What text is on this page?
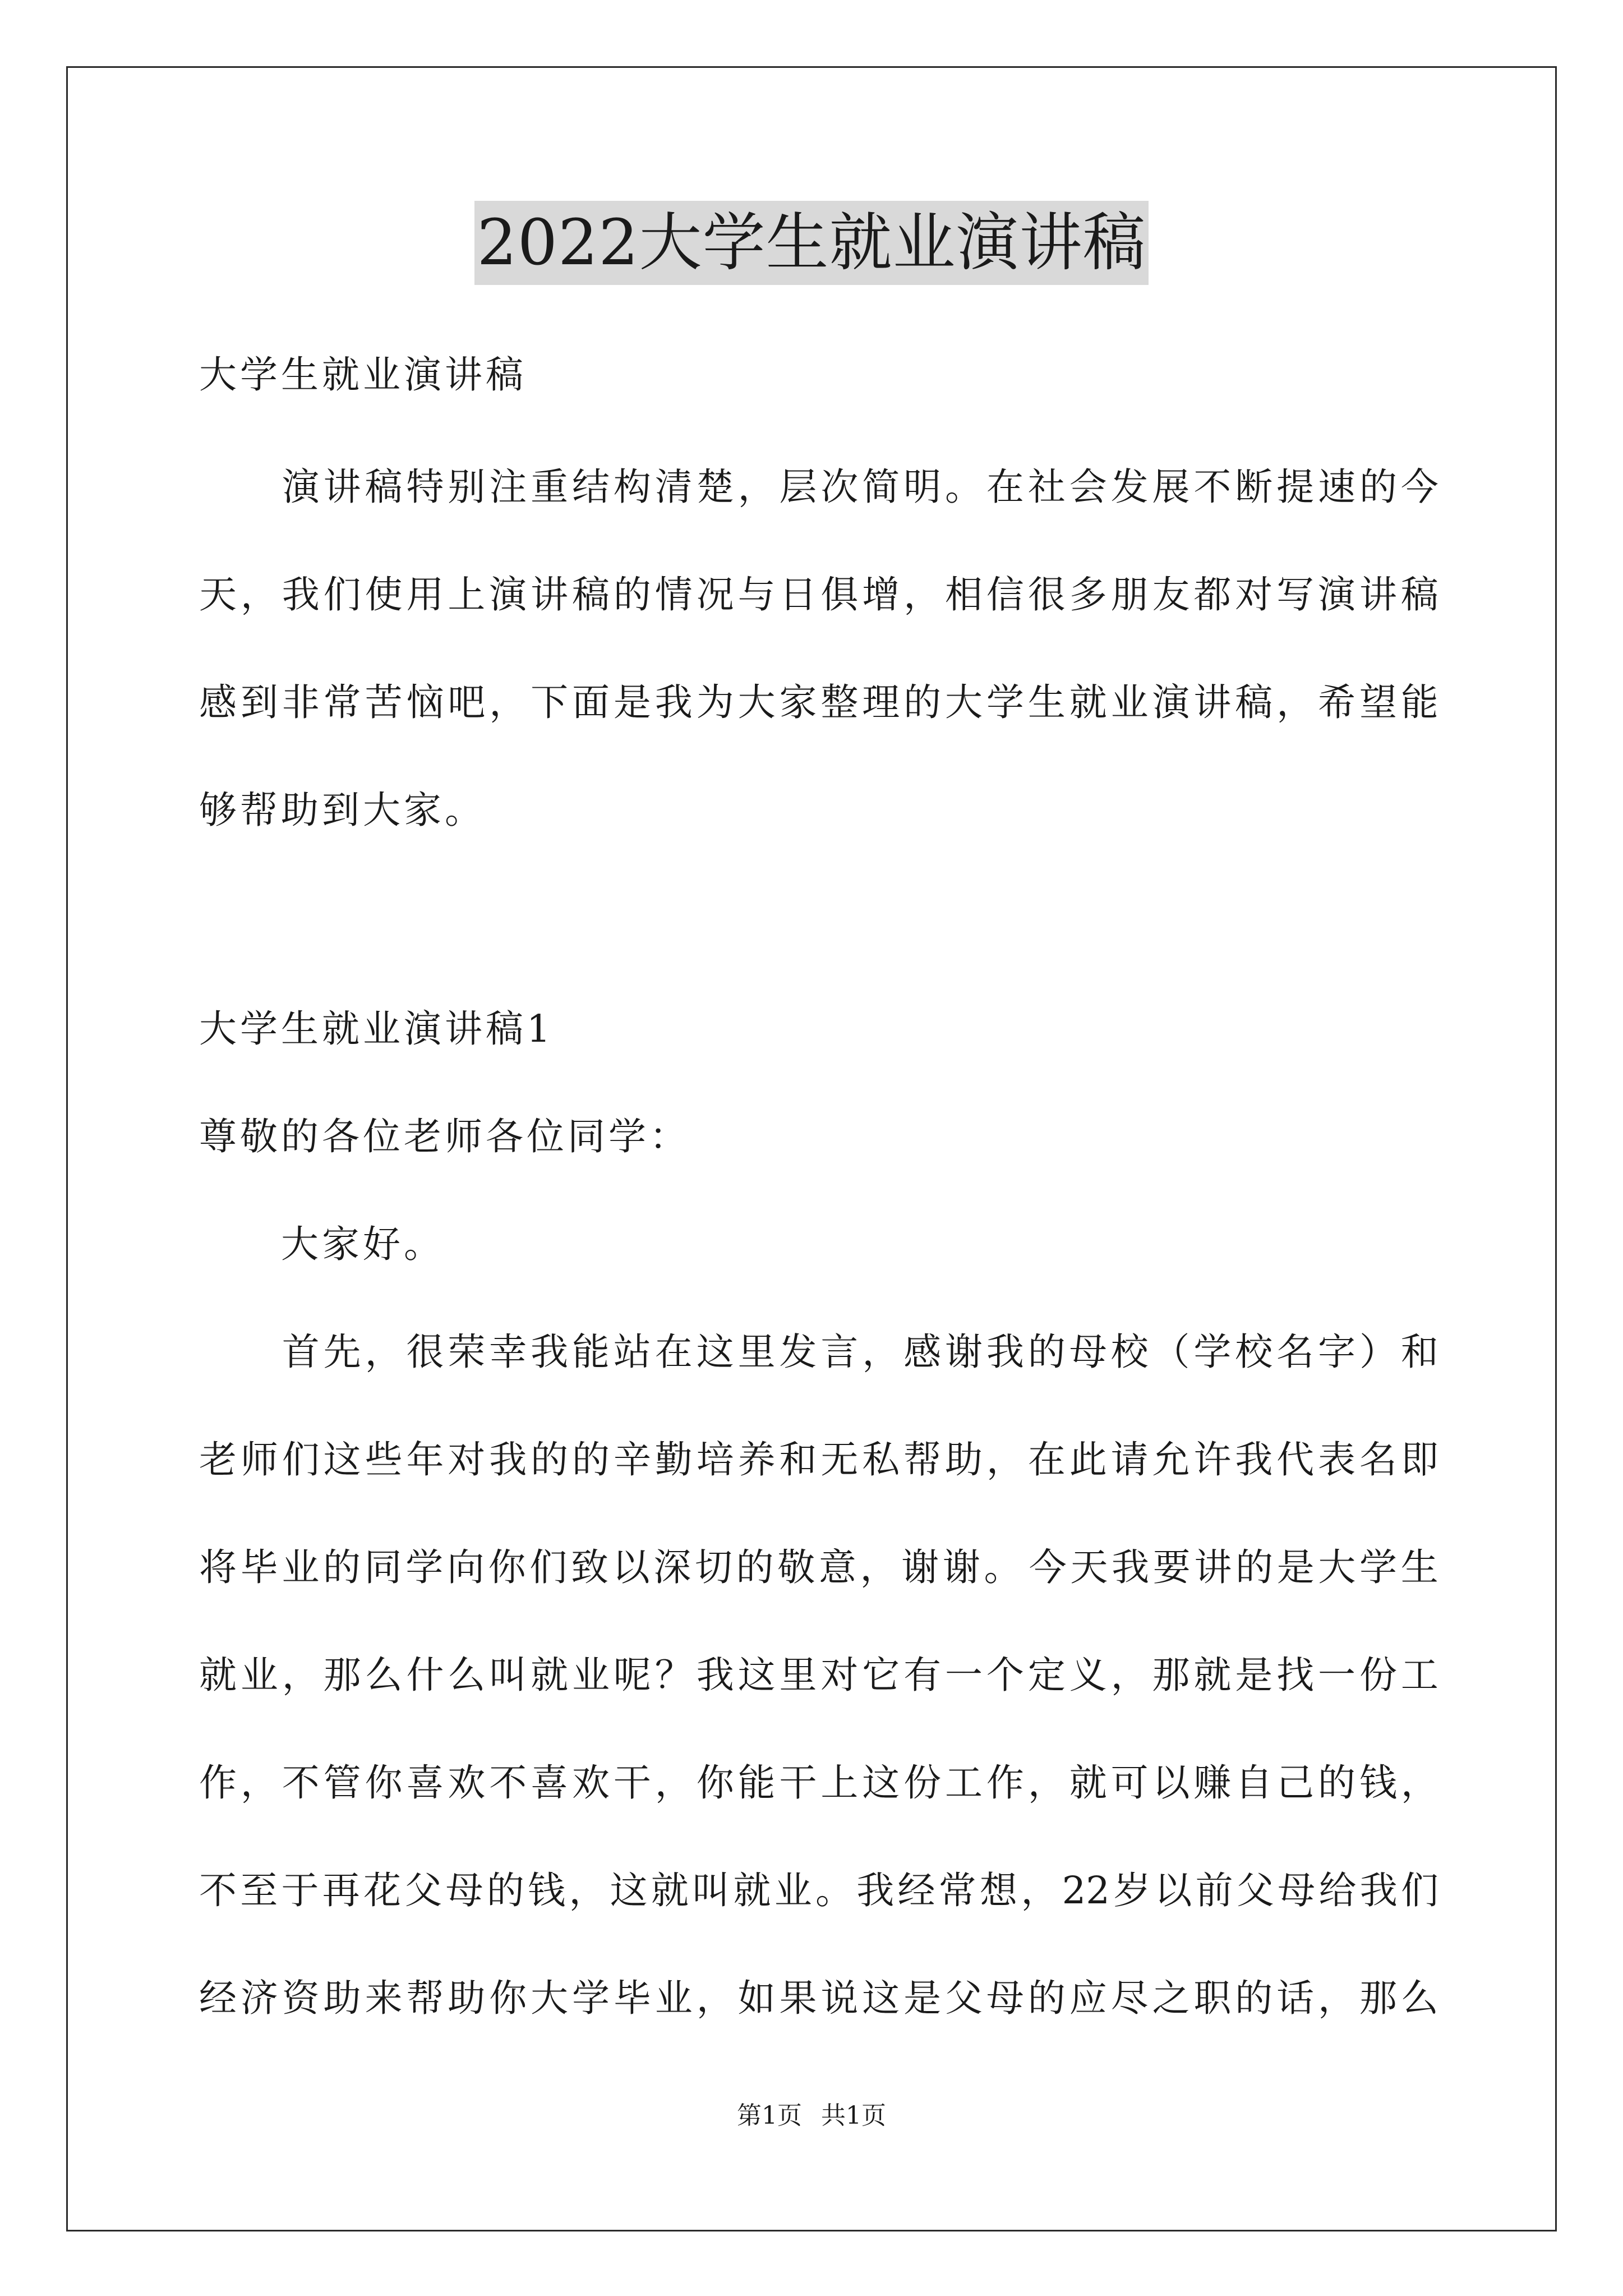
2022大学生就业演讲稿
大学生就业演讲稿

演 讲 稿 特 别 注 重 结 构 清 楚 ， 层 次 简 明 。 在 社 会 发 展 不 断 提 速 的 今
天 ， 我 们 使 用 上 演 讲 稿 的 情 况 与 日 俱 增 ， 相 信 很 多 朋 友 都 对 写 演 讲 稿
感 到 非 常 苦 恼 吧 ， 下 面 是 我 为 大 家 整 理 的 大 学 生 就 业 演 讲 稿 ， 希 望 能
够帮助到大家。
大学生就业演讲稿1
尊敬的各位老师各位同学：
　　大家好。

首 先 ， 很 荣 幸 我 能 站 在 这 里 发 言 ， 感 谢 我 的 母 校 （ 学 校 名 字 ） 和
老 师 们 这 些 年 对 我 的 的 辛 勤 培 养 和 无 私 帮 助 ， 在 此 请 允 许 我 代 表 名 即
将 毕 业 的 同 学 向 你 们 致 以 深 切 的 敬 意 ， 谢 谢 。 今 天 我 要 讲 的 是 大 学 生
就 业 ， 那 么 什 么 叫 就 业 呢 ？ 我 这 里 对 它 有 一 个 定 义 ， 那 就 是 找 一 份 工
作 ， 不 管 你 喜 欢 不 喜 欢 干 ， 你 能 干 上 这 份 工 作 ， 就 可 以 赚 自 己 的 钱 ，
不 至 于 再 花 父 母 的 钱 ， 这 就 叫 就 业 。 我 经 常 想 ， 22 岁 以 前 父 母 给 我 们
经 济 资 助 来 帮 助 你 大 学 毕 业 ， 如 果 说 这 是 父 母 的 应 尽 之 职 的 话 ， 那 么
第1页 共1页
